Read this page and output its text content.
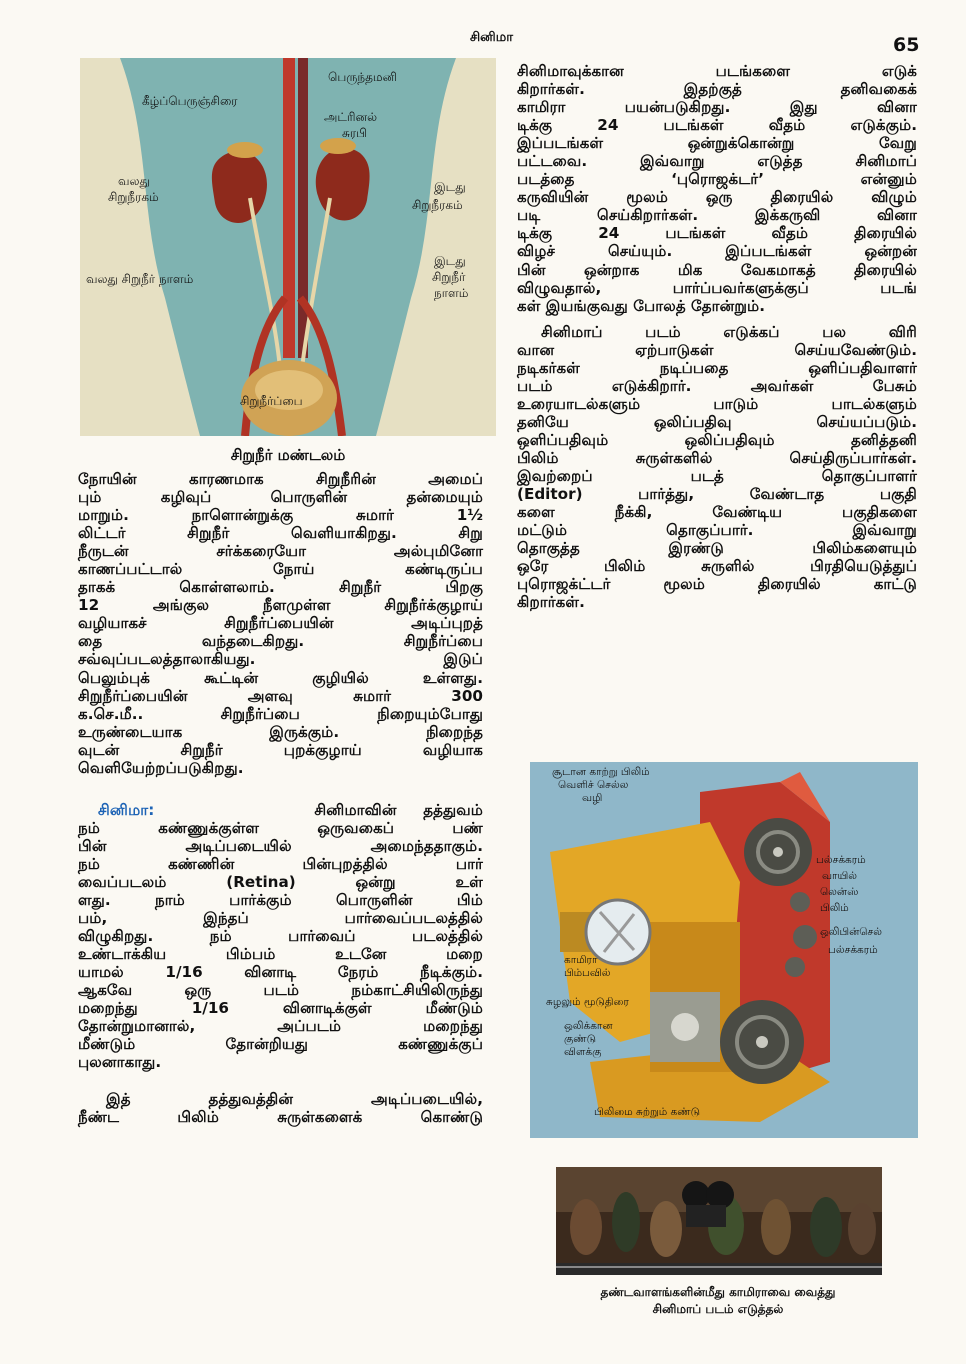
சினிமா	65
பெருந்தமனி
கீழ்ப்பெருஞ்சிரை
அட்ரினல்
சுரபி
வலது
சிறுநீரகம்
இடது
சிறுநீரகம்
வலது சிறுநீர் நாளம்
இடது
சிறுநீர்
நாளம்
சிறுநீர்ப்பை
சிறுநீர் மண்டலம்
நோயின் காரணமாக சிறுநீரின் அமைப்
பும் கழிவுப் பொருளின் தன்மையும்
மாறும். நாளொன்றுக்கு சுமார் 1½
லிட்டர் சிறுநீர் வெளியாகிறது. சிறு
நீருடன் சர்க்கரையோ அல்புமினோ
காணப்பட்டால் நோய் கண்டிருப்ப
தாகக் கொள்ளலாம். சிறுநீர் பிறகு
12 அங்குல நீளமுள்ள சிறுநீர்க்குழாய்
வழியாகச் சிறுநீர்ப்பையின் அடிப்புறத்
தை வந்தடைகிறது. சிறுநீர்ப்பை
சவ்வுப்படலத்தாலாகியது. இடுப்
பெலும்புக் கூட்டின் குழியில் உள்ளது.
சிறுநீர்ப்பையின் அளவு சுமார் 300
க.செ.மீ.. சிறுநீர்ப்பை நிறையும்போது
உருண்டையாக இருக்கும். நிறைந்த
வுடன் சிறுநீர் புறக்குழாய் வழியாக
வெளியேற்றப்படுகிறது.
சினிமா:	சினிமாவின் தத்துவம்
நம் கண்ணுக்குள்ள ஒருவகைப் பண்
பின் அடிப்படையில் அமைந்ததாகும்.
நம் கண்ணின் பின்புறத்தில் பார்
வைப்படலம் (Retina) ஒன்று உள்
ளது. நாம் பார்க்கும் பொருளின் பிம்
பம், இந்தப் பார்வைப்படலத்தில்
விழுகிறது. நம் பார்வைப் படலத்தில்
உண்டாக்கிய பிம்பம் உடனே மறை
யாமல் 1/16 வினாடி நேரம் நீடிக்கும்.
ஆகவே ஒரு படம் நம்காட்சியிலிருந்து
மறைந்து 1/16 வினாடிக்குள் மீண்டும்
தோன்றுமானால், அப்படம் மறைந்து
மீண்டும் தோன்றியது கண்ணுக்குப்
புலனாகாது.
இத் தத்துவத்தின் அடிப்படையில்,
நீண்ட பிலிம் சுருள்களைக் கொண்டு
சினிமாவுக்கான படங்களை எடுக்
கிறார்கள். இதற்குத் தனிவகைக்
காமிரா பயன்படுகிறது. இது வினா
டிக்கு 24 படங்கள் வீதம் எடுக்கும்.
இப்படங்கள் ஒன்றுக்கொன்று வேறு
பட்டவை. இவ்வாறு எடுத்த சினிமாப்
படத்தை ‘புரொஜக்டர்’ என்னும்
கருவியின் மூலம் ஒரு திரையில் விழும்
படி செய்கிறார்கள். இக்கருவி வினா
டிக்கு 24 படங்கள் வீதம் திரையில்
விழச் செய்யும். இப்படங்கள் ஒன்றன்
பின் ஒன்றாக மிக வேகமாகத் திரையில்
விழுவதால், பார்ப்பவர்களுக்குப் படங்
கள் இயங்குவது போலத் தோன்றும்.
சினிமாப் படம் எடுக்கப் பல விரி
வான ஏற்பாடுகள் செய்யவேண்டும்.
நடிகர்கள் நடிப்பதை ஒளிப்பதிவாளர்
படம் எடுக்கிறார். அவர்கள் பேசும்
உரையாடல்களும் பாடும் பாடல்களும்
தனியே ஒலிப்பதிவு செய்யப்படும்.
ஒளிப்பதிவும் ஒலிப்பதிவும் தனித்தனி
பிலிம் சுருள்களில் செய்திருப்பார்கள்.
இவற்றைப் படத் தொகுப்பாளர்
(Editor) பார்த்து, வேண்டாத பகுதி
களை நீக்கி, வேண்டிய பகுதிகளை
மட்டும் தொகுப்பார். இவ்வாறு
தொகுத்த இரண்டு பிலிம்களையும்
ஒரே பிலிம் சுருளில் பிரதியெடுத்துப்
புரொஜக்ட்டர் மூலம் திரையில் காட்டு
கிறார்கள்.
சூடான காற்று பிலிம்
வெளிச் செல்ல
வழி
பல்சக்கரம்
வாயில்
லென்ஸ்
பிலிம்
ஒலிபின்செல்
பல்சக்கரம்
காமிரா
பிம்பவில்
சுழலும் மூடுதிரை
ஒலிக்கான
குண்டு
விளக்கு
பிலிமை சுற்றும் கண்டு
தண்டவாளங்களின்மீது காமிராவை வைத்து
சினிமாப் படம் எடுத்தல்
